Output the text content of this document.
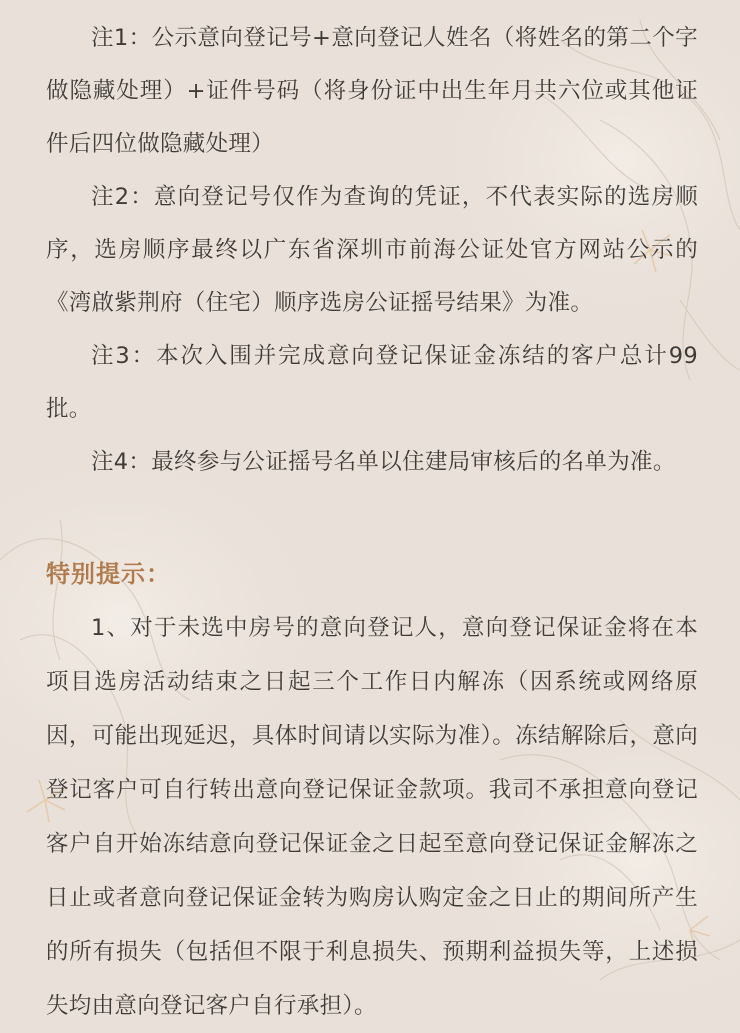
注1：公示意向登记号+意向登记人姓名（将姓名的第二个字做隐藏处理）+证件号码（将身份证中出生年月共六位或其他证件后四位做隐藏处理）

注2：意向登记号仅作为查询的凭证，不代表实际的选房顺序，选房顺序最终以广东省深圳市前海公证处官方网站公示的《湾啟紫荆府（住宅）顺序选房公证摇号结果》为准。

注3：本次入围并完成意向登记保证金冻结的客户总计99批。

注4：最终参与公证摇号名单以住建局审核后的名单为准。

特别提示：

1、对于未选中房号的意向登记人，意向登记保证金将在本项目选房活动结束之日起三个工作日内解冻（因系统或网络原因，可能出现延迟，具体时间请以实际为准）。冻结解除后，意向登记客户可自行转出意向登记保证金款项。我司不承担意向登记客户自开始冻结意向登记保证金之日起至意向登记保证金解冻之日止或者意向登记保证金转为购房认购定金之日止的期间所产生的所有损失（包括但不限于利息损失、预期利益损失等，上述损失均由意向登记客户自行承担）。
